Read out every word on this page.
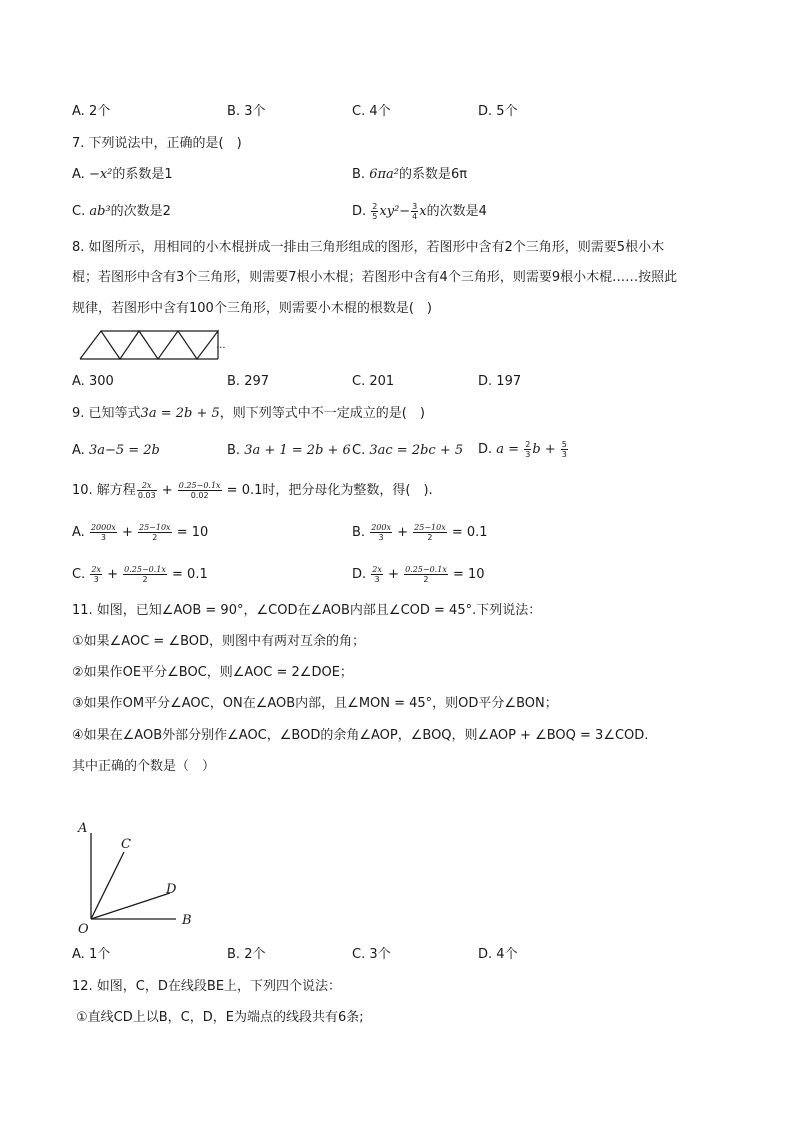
A. 2个	B. 3个	C. 4个	D. 5个
7. 下列说法中，正确的是(　)
A. −x²的系数是1	B. 6πa²的系数是6π
C. ab³的次数是2	D. $\frac{2}{5} xy^2- \frac{3}{4}$ x的次数是4
8. 如图所示，用相同的小木棍拼成一排由三角形组成的图形，若图形中含有2个三角形，则需要5根小木
棍；若图形中含有3个三角形，则需要7根小木棍；若图形中含有4个三角形，则需要9根小木棍……按照此
规律，若图形中含有100个三角形，则需要小木棍的根数是(　)
...
A. 300	B. 297	C. 201	D. 197
9. 已知等式3a = 2b + 5，则下列等式中不一定成立的是(　)
A. 3a−5 = 2b	B. 3a + 1 = 2b + 6 C. 3ac = 2bc + 5 D. $a = \frac{2}{3}$ $b + \frac{5}{3}$
10. 解方程 $\frac{2x}{0.03} + \frac{0.25-0.1x}{0.02} = 0.1$时，把分母化为整数，得(　).
A. $\frac{2000x}{3} + \frac{25-10x}{2} = 10$	B. $\frac{200x}{3} + \frac{25-10x}{2} = 0.1$
C. $\frac{2x}{3} + \frac{0.25-0.1x}{2} = 0.1$	D. $\frac{2x}{3} + \frac{0.25-0.1x}{2} = 10$
11. 如图，已知∠AOB = 90°，∠COD在∠AOB内部且∠COD = 45°.下列说法：
①如果∠AOC = ∠BOD，则图中有两对互余的角；
②如果作OE平分∠BOC，则∠AOC = 2∠DOE；
③如果作OM平分∠AOC，ON在∠AOB内部，且∠MON = 45°，则OD平分∠BON；
④如果在∠AOB外部分别作∠AOC，∠BOD的余角∠AOP，∠BOQ，则∠AOP + ∠BOQ = 3∠COD.
其中正确的个数是（　）
A
C
D
O
B
A. 1个	B. 2个	C. 3个	D. 4个
12. 如图，C，D在线段BE上，下列四个说法：
①直线CD上以B，C，D，E为端点的线段共有6条;
